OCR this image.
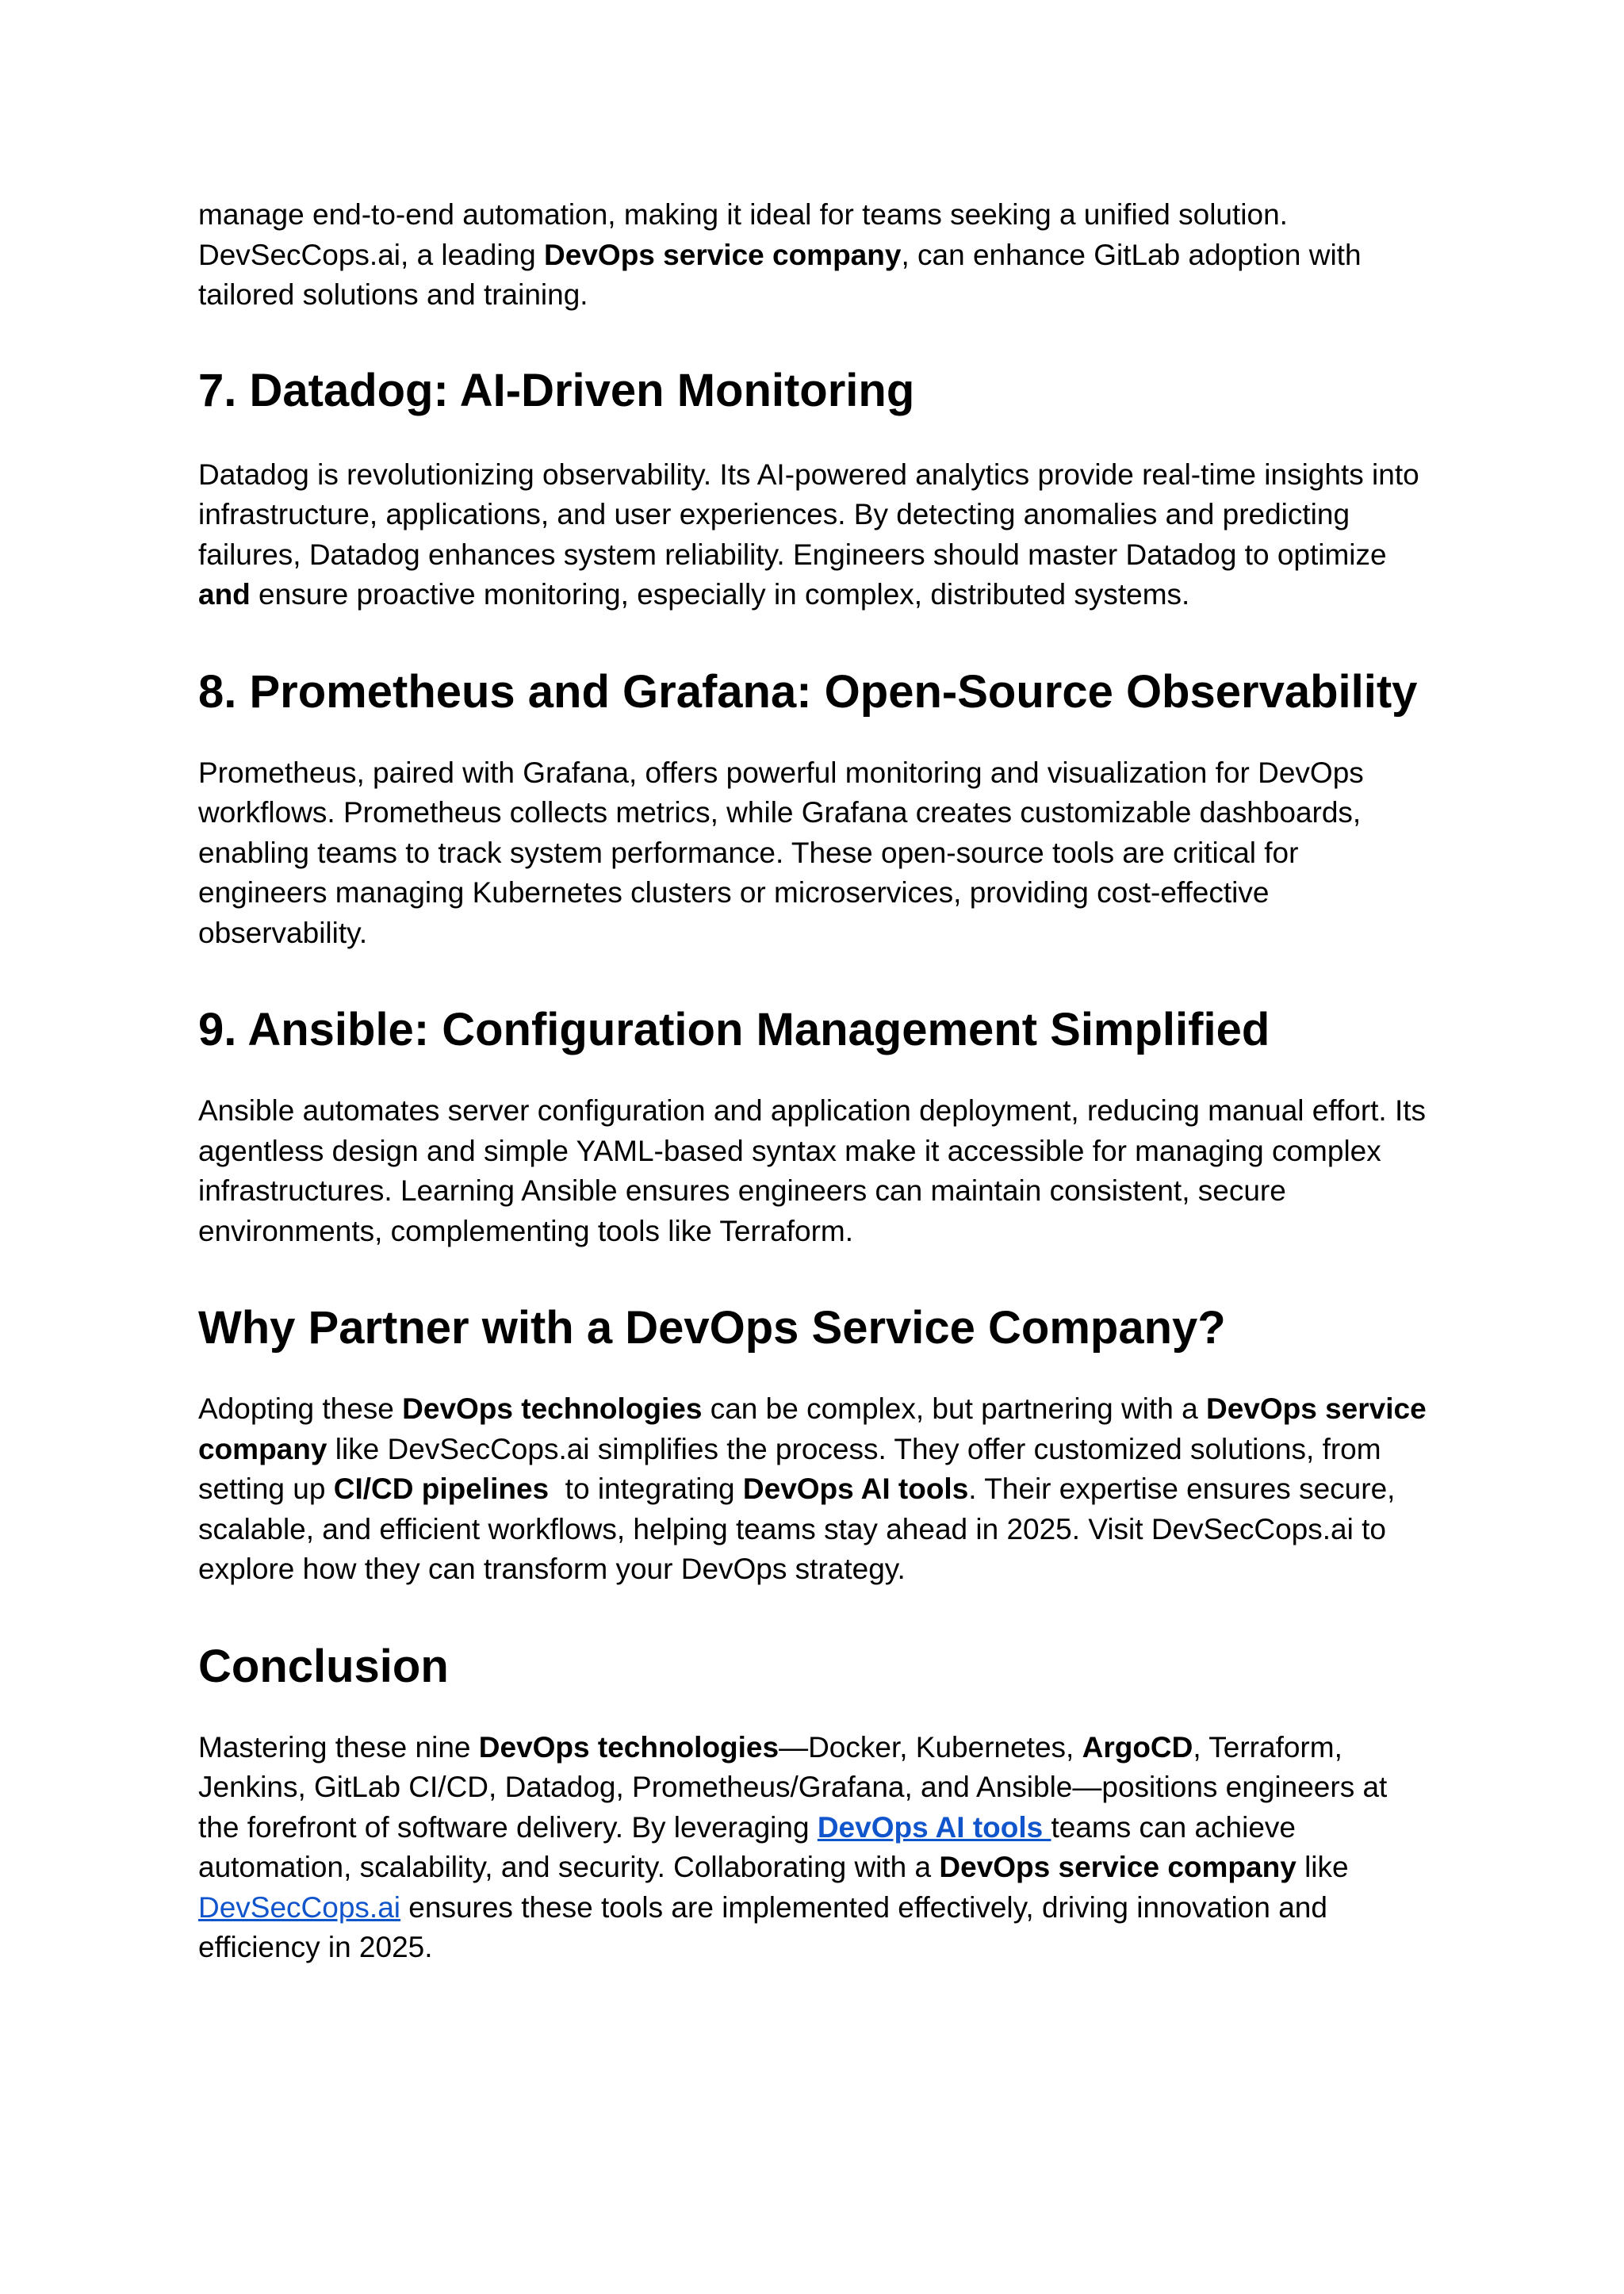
manage end-to-end automation, making it ideal for teams seeking a unified solution. DevSecCops.ai, a leading DevOps service company, can enhance GitLab adoption with tailored solutions and training.

7. Datadog: AI-Driven Monitoring

Datadog is revolutionizing observability. Its AI-powered analytics provide real-time insights into infrastructure, applications, and user experiences. By detecting anomalies and predicting failures, Datadog enhances system reliability. Engineers should master Datadog to optimize and ensure proactive monitoring, especially in complex, distributed systems.

8. Prometheus and Grafana: Open-Source Observability

Prometheus, paired with Grafana, offers powerful monitoring and visualization for DevOps workflows. Prometheus collects metrics, while Grafana creates customizable dashboards, enabling teams to track system performance. These open-source tools are critical for engineers managing Kubernetes clusters or microservices, providing cost-effective observability.

9. Ansible: Configuration Management Simplified

Ansible automates server configuration and application deployment, reducing manual effort. Its agentless design and simple YAML-based syntax make it accessible for managing complex infrastructures. Learning Ansible ensures engineers can maintain consistent, secure environments, complementing tools like Terraform.

Why Partner with a DevOps Service Company?

Adopting these DevOps technologies can be complex, but partnering with a DevOps service company like DevSecCops.ai simplifies the process. They offer customized solutions, from setting up CI/CD pipelines  to integrating DevOps AI tools. Their expertise ensures secure, scalable, and efficient workflows, helping teams stay ahead in 2025. Visit DevSecCops.ai to explore how they can transform your DevOps strategy.

Conclusion

Mastering these nine DevOps technologies—Docker, Kubernetes, ArgoCD, Terraform, Jenkins, GitLab CI/CD, Datadog, Prometheus/Grafana, and Ansible—positions engineers at the forefront of software delivery. By leveraging DevOps AI tools teams can achieve automation, scalability, and security. Collaborating with a DevOps service company like DevSecCops.ai ensures these tools are implemented effectively, driving innovation and efficiency in 2025.
